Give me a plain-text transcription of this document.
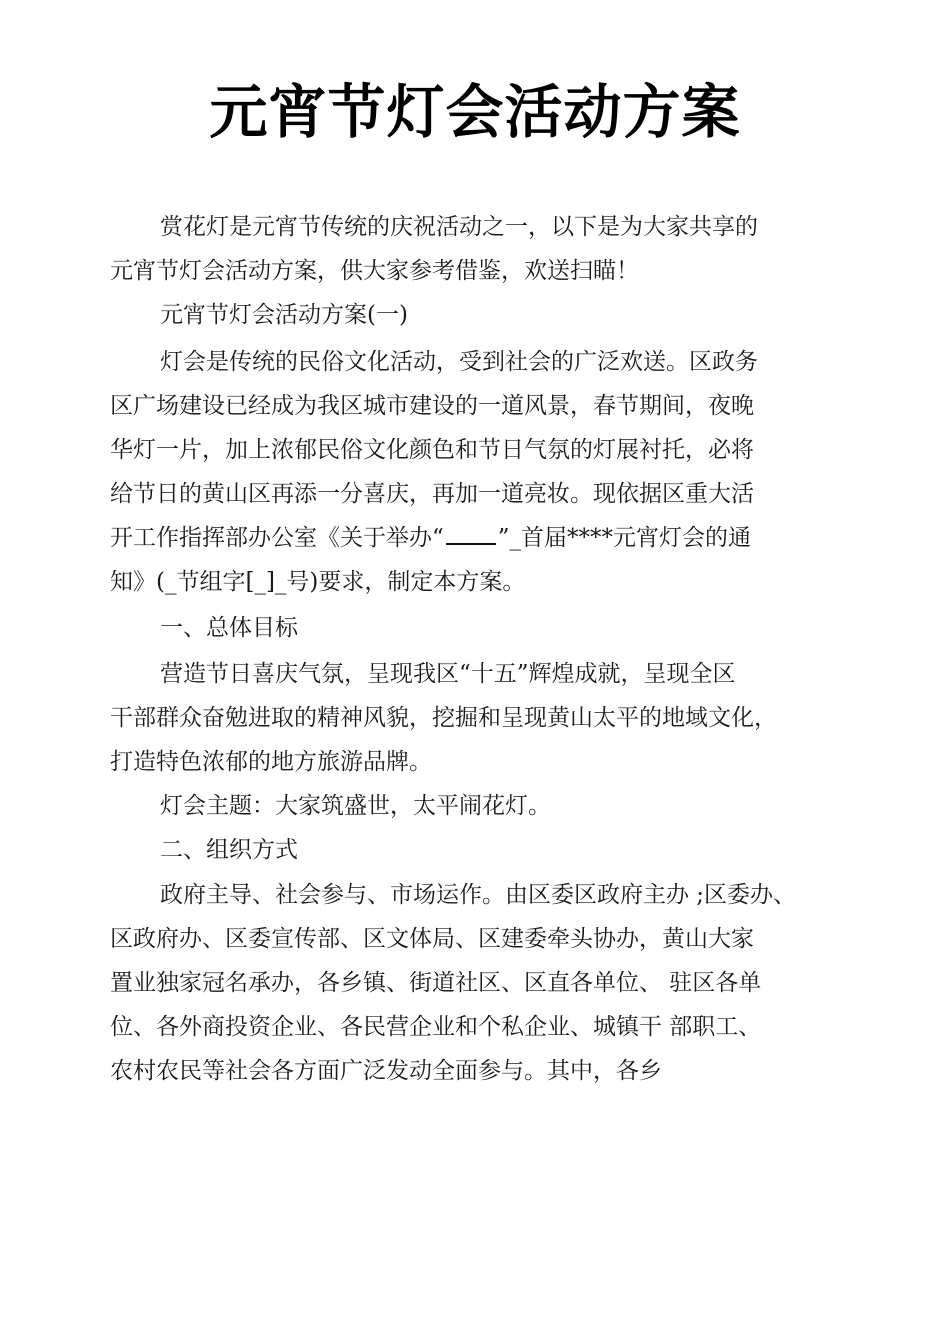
元宵节灯会活动方案
赏花灯是元宵节传统的庆祝活动之一，以下是为大家共享的
元宵节灯会活动方案，供大家参考借鉴，欢送扫瞄！
元宵节灯会活动方案(一)
灯会是传统的民俗文化活动，受到社会的广泛欢送。区政务
区广场建设已经成为我区城市建设的一道风景，春节期间，夜晚
华灯一片，加上浓郁民俗文化颜色和节日气氛的灯展衬托，必将
给节日的黄山区再添一分喜庆，再加一道亮妆。现依据区重大活
开工作指挥部办公室《关于举办“ ”_首届****元宵灯会的通
知》(_节组字[_]_号)要求，制定本方案。
一、总体目标
营造节日喜庆气氛，呈现我区“十五”辉煌成就，呈现全区
干部群众奋勉进取的精神风貌，挖掘和呈现黄山太平的地域文化，
打造特色浓郁的地方旅游品牌。
灯会主题：大家筑盛世，太平闹花灯。
二、组织方式
政府主导、社会参与、市场运作。由区委区政府主办 ;区委办、
区政府办、区委宣传部、区文体局、区建委牵头协办，黄山大家
置业独家冠名承办，各乡镇、街道社区、区直各单位、 驻区各单
位、各外商投资企业、各民营企业和个私企业、城镇干 部职工、
农村农民等社会各方面广泛发动全面参与。其中，各乡
